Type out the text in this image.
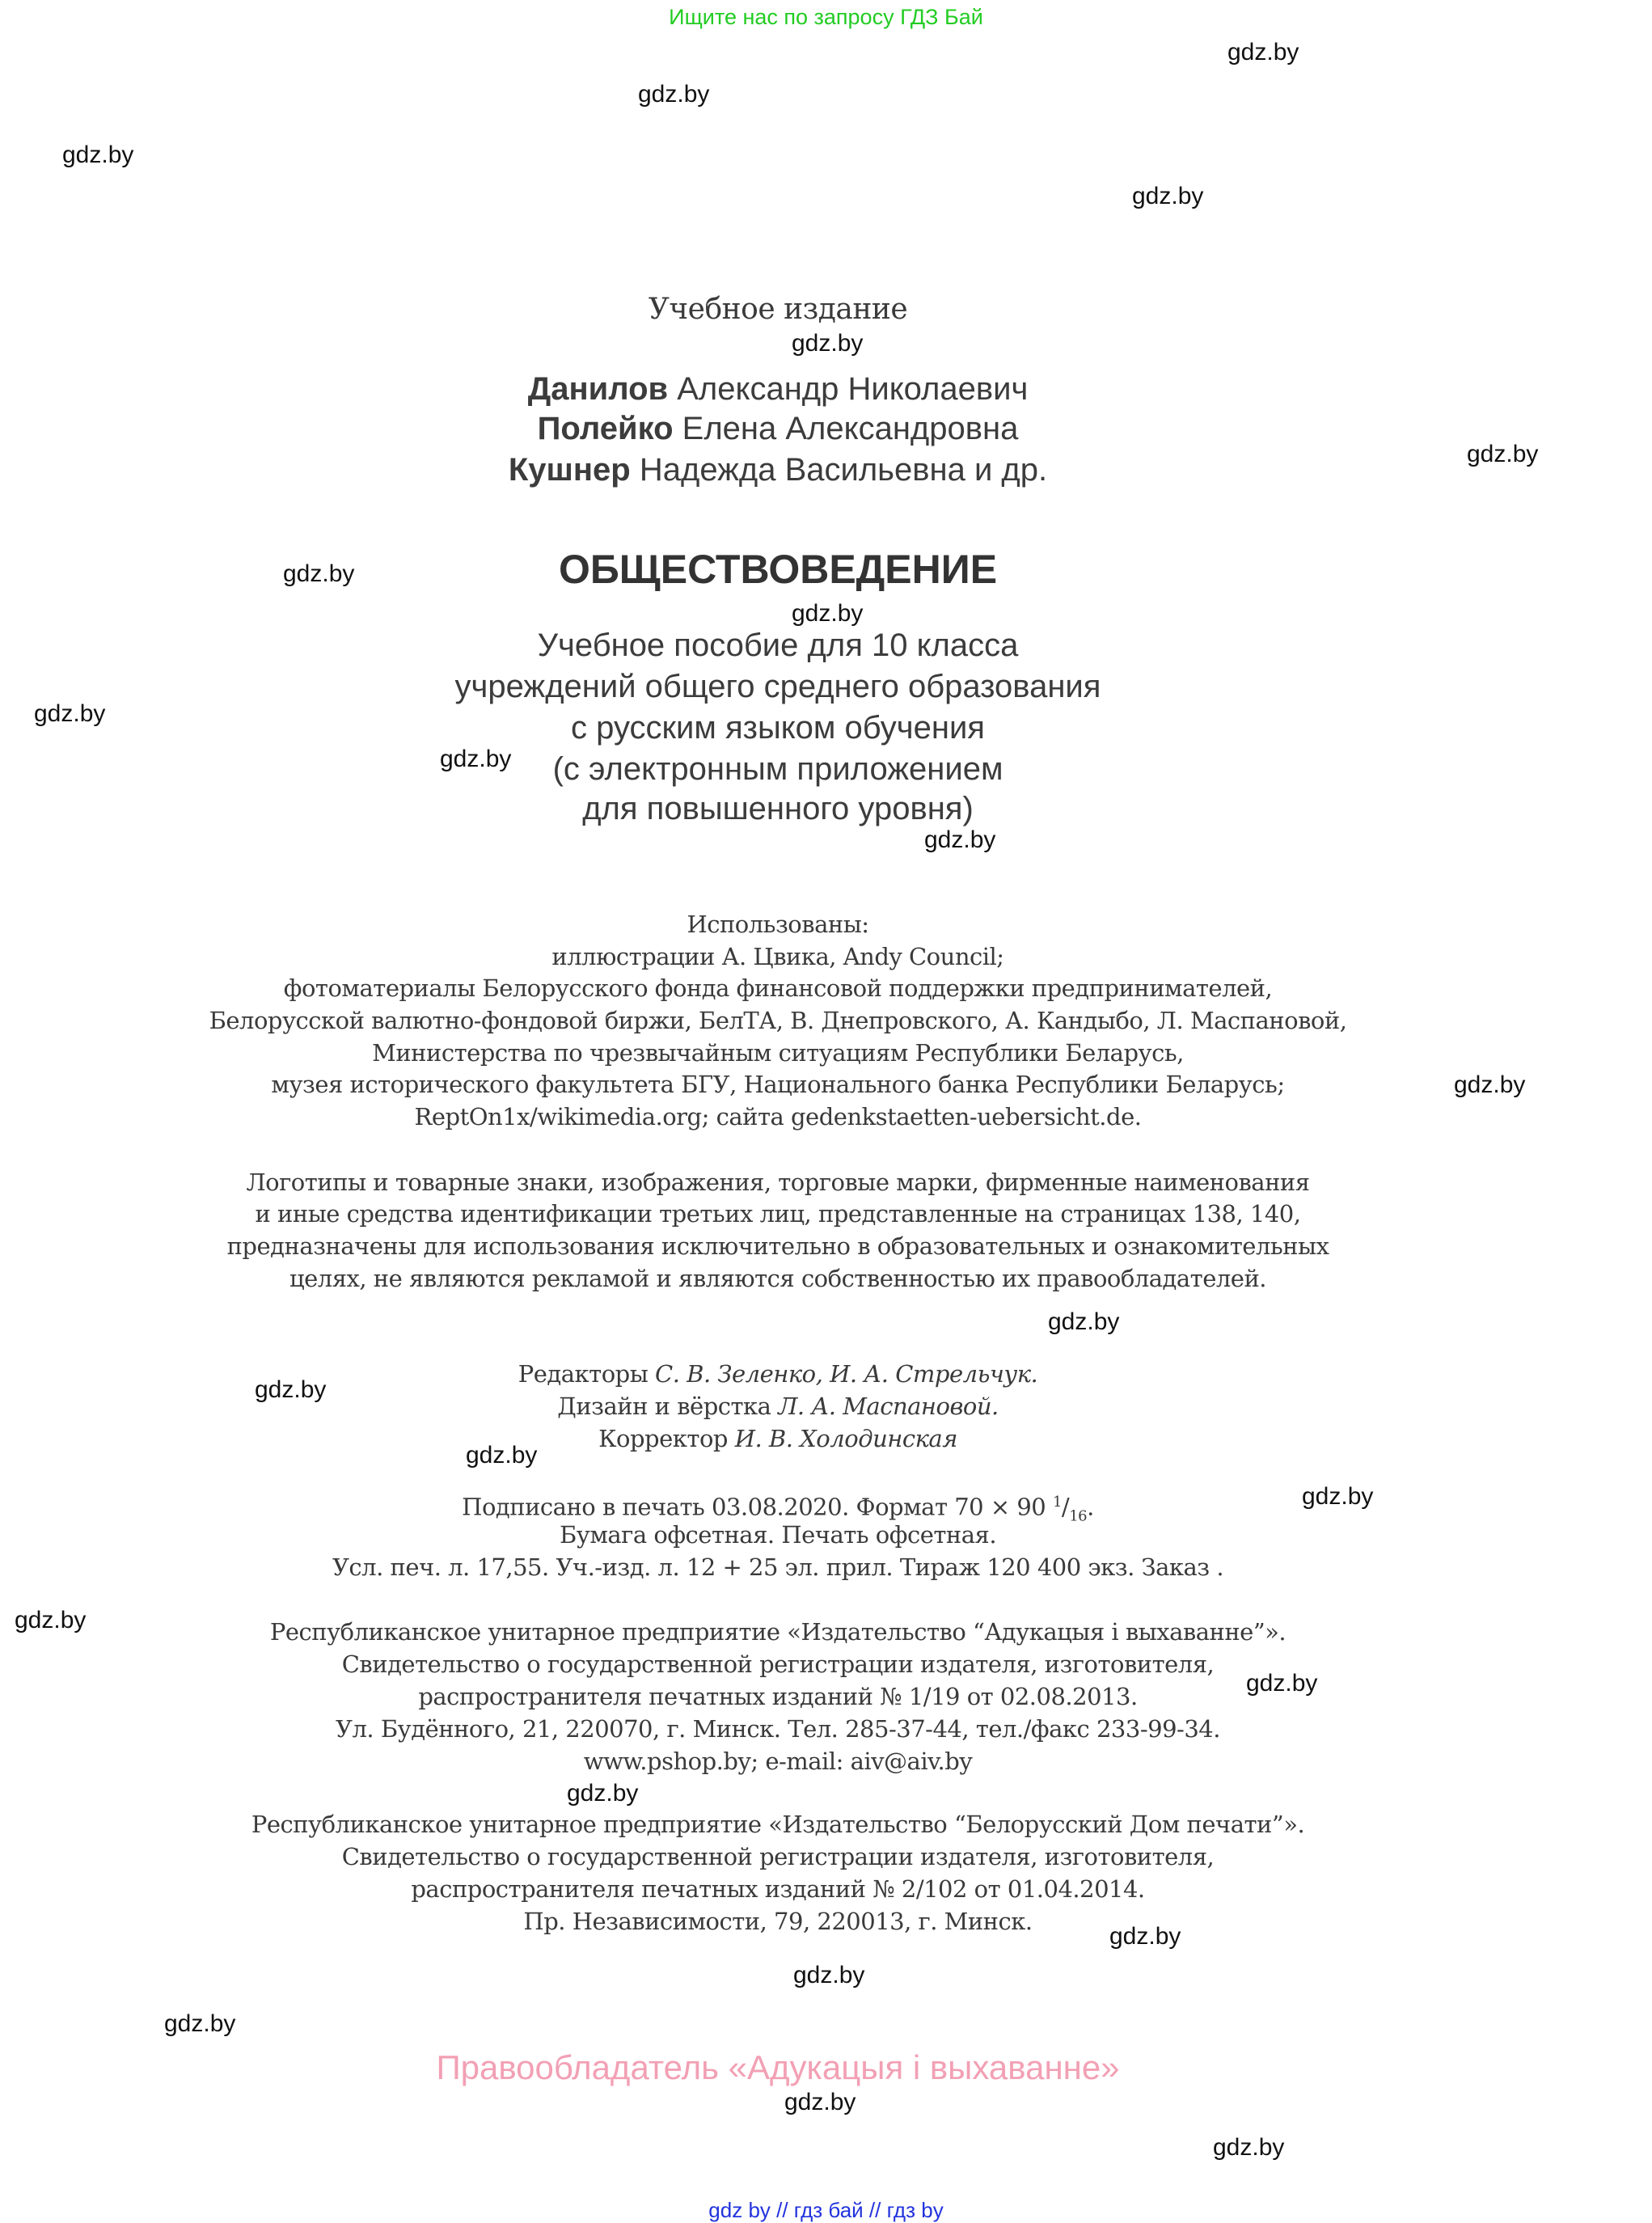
Ищите нас по запросу ГДЗ Бай
Учебное издание
Данилов Александр Николаевич
Полейко Елена Александровна
Кушнер Надежда Васильевна и др.
ОБЩЕСТВОВЕДЕНИЕ
Учебное пособие для 10 класса
учреждений общего среднего образования
с русским языком обучения
(с электронным приложением
для повышенного уровня)
Использованы:
иллюстрации А. Цвика, Andy Council;
фотоматериалы Белорусского фонда финансовой поддержки предпринимателей,
Белорусской валютно-фондовой биржи, БелТА, В. Днепровского, А. Кандыбо, Л. Маспановой,
Министерства по чрезвычайным ситуациям Республики Беларусь,
музея исторического факультета БГУ, Национального банка Республики Беларусь;
ReptOn1x/wikimedia.org; сайта gedenkstaetten-uebersicht.de.
Логотипы и товарные знаки, изображения, торговые марки, фирменные наименования
и иные средства идентификации третьих лиц, представленные на страницах 138, 140,
предназначены для использования исключительно в образовательных и ознакомительных
целях, не являются рекламой и являются собственностью их правообладателей.
Редакторы С. В. Зеленко, И. А. Стрельчук.
Дизайн и вёрстка Л. А. Маспановой.
Корректор И. В. Холодинская
Подписано в печать 03.08.2020. Формат 70 × 90 $^1/_{16}$.
Бумага офсетная. Печать офсетная.
Усл. печ. л. 17,55. Уч.-изд. л. 12 + 25 эл. прил. Тираж 120 400 экз. Заказ .
Республиканское унитарное предприятие «Издательство “Адукацыя і выхаванне”».
Свидетельство о государственной регистрации издателя, изготовителя,
распространителя печатных изданий № 1/19 от 02.08.2013.
Ул. Будённого, 21, 220070, г. Минск. Тел. 285-37-44, тел./факс 233-99-34.
www.pshop.by; e-mail: aiv@aiv.by
Республиканское унитарное предприятие «Издательство “Белорусский Дом печати”».
Свидетельство о государственной регистрации издателя, изготовителя,
распространителя печатных изданий № 2/102 от 01.04.2014.
Пр. Независимости, 79, 220013, г. Минск.
Правообладатель «Адукацыя і выхаванне»
gdz by // гдз бай // гдз by
gdz.by
gdz.by
gdz.by
gdz.by
gdz.by
gdz.by
gdz.by
gdz.by
gdz.by
gdz.by
gdz.by
gdz.by
gdz.by
gdz.by
gdz.by
gdz.by
gdz.by
gdz.by
gdz.by
gdz.by
gdz.by
gdz.by
gdz.by
gdz.by
